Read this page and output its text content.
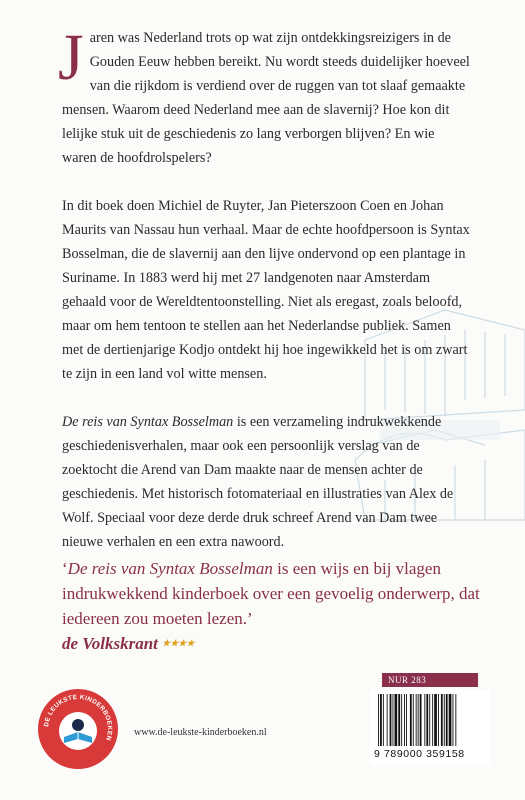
Jaren was Nederland trots op wat zijn ontdekkingsreizigers in de Gouden Eeuw hebben bereikt. Nu wordt steeds duidelijker hoeveel van die rijkdom is verdiend over de ruggen van tot slaaf gemaakte mensen. Waarom deed Nederland mee aan de slavernij? Hoe kon dit lelijke stuk uit de geschiedenis zo lang verborgen blijven? En wie waren de hoofdrolspelers?

In dit boek doen Michiel de Ruyter, Jan Pieterszoon Coen en Johan Maurits van Nassau hun verhaal. Maar de echte hoofdpersoon is Syntax Bosselman, die de slavernij aan den lijve ondervond op een plantage in Suriname. In 1883 werd hij met 27 landgenoten naar Amsterdam gehaald voor de Wereldtentoonstelling. Niet als eregast, zoals beloofd, maar om hem tentoon te stellen aan het Nederlandse publiek. Samen met de dertienjarige Kodjo ontdekt hij hoe ingewikkeld het is om zwart te zijn in een land vol witte mensen.

De reis van Syntax Bosselman is een verzameling indrukwekkende geschiedenisverhalen, maar ook een persoonlijk verslag van de zoektocht die Arend van Dam maakte naar de mensen achter de geschiedenis. Met historisch fotomateriaal en illustraties van Alex de Wolf. Speciaal voor deze derde druk schreef Arend van Dam twee nieuwe verhalen en een extra nawoord.

‘De reis van Syntax Bosselman is een wijs en bij vlagen indrukwekkend kinderboek over een gevoelig onderwerp, dat iedereen zou moeten lezen.’

de Volkskrant ★★★★

DE LEUKSTE KINDERBOEKEN
www.de-leukste-kinderboeken.nl
NUR 283
9 789000 359158
